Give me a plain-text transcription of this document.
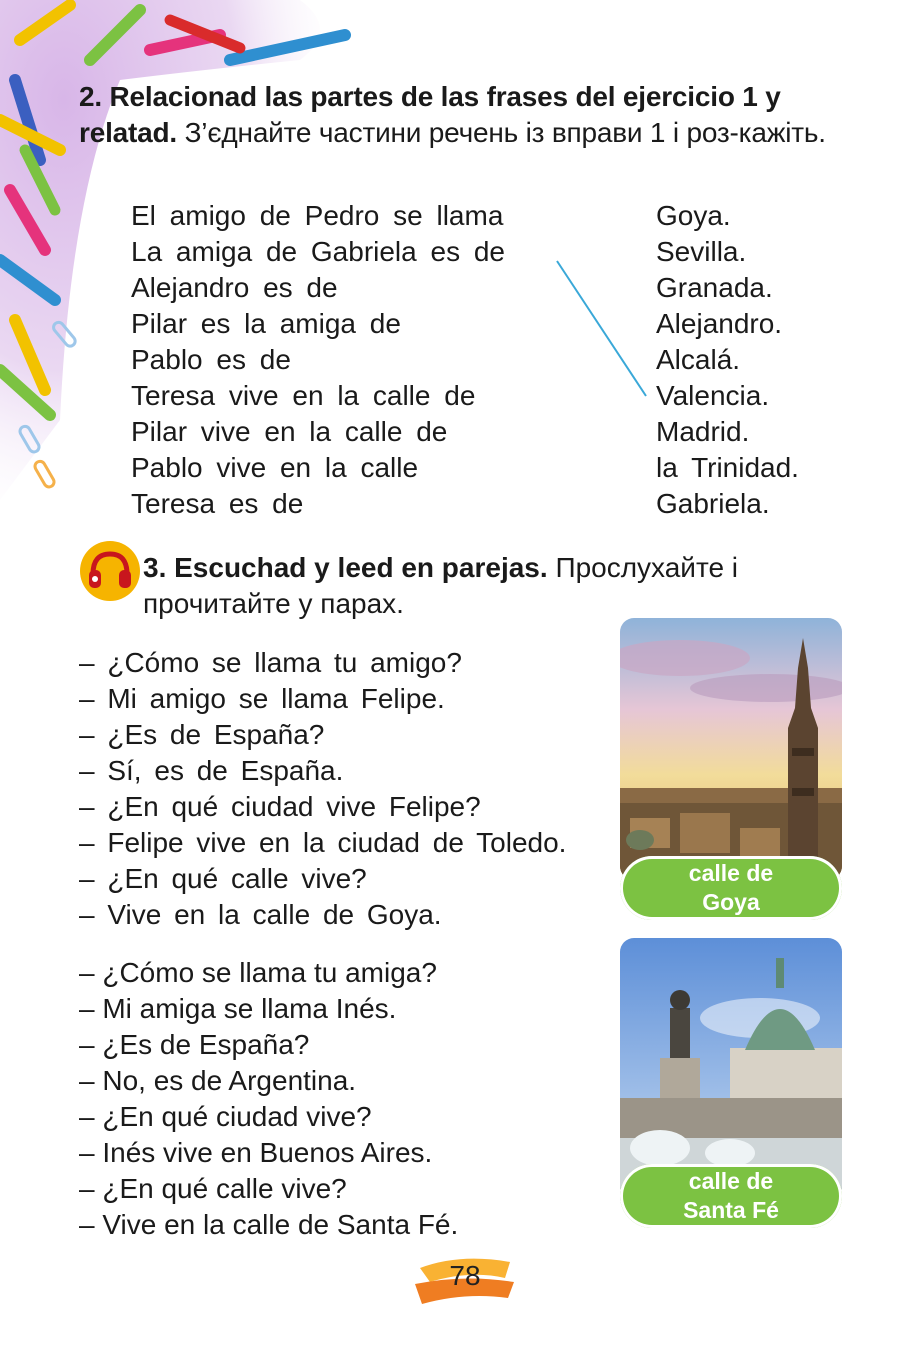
2. Relacionad las partes de las frases del ejercicio 1 y relatad. З’єднайте частини речень із вправи 1 і роз-кажіть.
El amigo de Pedro se llama
La amiga de Gabriela es de
Alejandro es de
Pilar es la amiga de
Pablo es de
Teresa vive en la calle de
Pilar vive en la calle de
Pablo vive en la calle
Teresa es de
Goya.
Sevilla.
Granada.
Alejandro.
Alcalá.
Valencia.
Madrid.
la Trinidad.
Gabriela.
3. Escuchad y leed en parejas. Прослухайте і прочитайте у парах.
– ¿Cómo se llama tu amigo?
– Mi amigo se llama Felipe.
– ¿Es de España?
– Sí, es de España.
– ¿En qué ciudad vive Felipe?
– Felipe vive en la ciudad de Toledo.
– ¿En qué calle vive?
– Vive en la calle de Goya.
– ¿Cómo se llama tu amiga?
– Mi amiga se llama Inés.
– ¿Es de España?
– No, es de Argentina.
– ¿En qué ciudad vive?
– Inés vive en Buenos Aires.
– ¿En qué calle vive?
– Vive en la calle de Santa Fé.
calle de
Goya
calle de
Santa Fé
78
